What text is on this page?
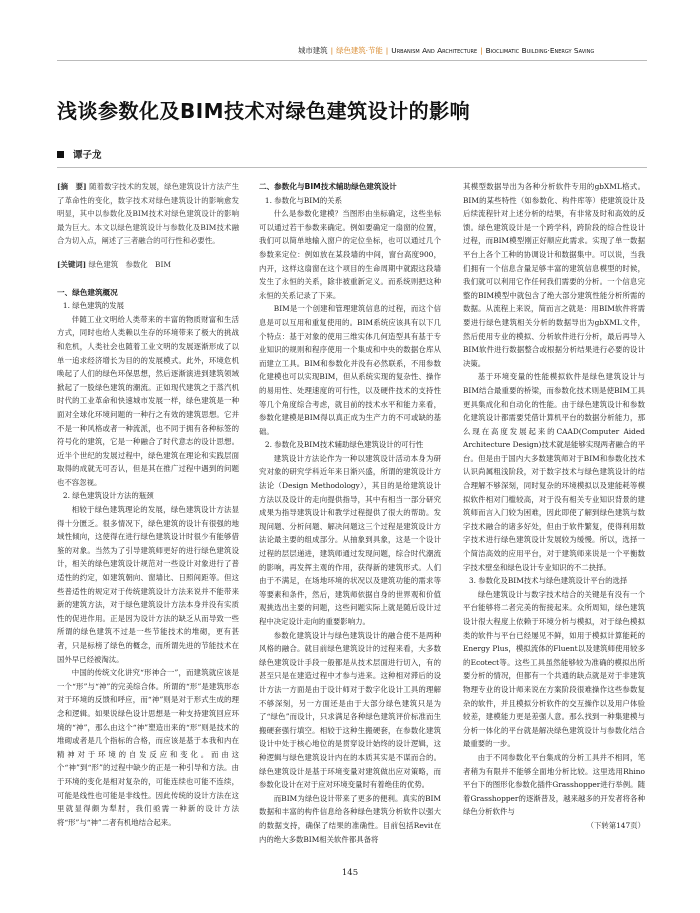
城市建筑 | 绿色建筑·节能 | Urbanism And Architecture | Bioclimatic Building·Energy Saving
浅谈参数化及BIM技术对绿色建筑设计的影响
谭子龙

[摘　要] 随着数字技术的发展，绿色建筑设计方法产生了革命性的变化，数字技术对绿色建筑设计的影响愈发明显，其中以参数化及BIM技术对绿色建筑设计的影响最为巨大。本文以绿色建筑设计与参数化及BIM技术融合为切入点，阐述了三者融合的可行性和必要性。

[关键词] 绿色建筑　参数化　BIM

一、绿色建筑概况
1. 绿色建筑的发展

伴随工业文明给人类带来的丰富的物质财富和生活方式，同时也给人类赖以生存的环境带来了极大的挑战和危机，人类社会也随着工业文明的发展逐渐形成了以单一追求经济增长为目的的发展模式。此外，环境危机唤起了人们的绿色环保思想，然后逐渐演进到建筑领域掀起了一股绿色建筑的潮流。正如现代建筑之于蒸汽机时代的工业革命和快速城市发展一样，绿色建筑是一种面对全球化环境问题的一种行之有效的建筑思想。它并不是一种风格或者一种流派，也不同于拥有各种标签的符号化的建筑，它是一种融合了时代意志的设计思想。近半个世纪的发展过程中，绿色建筑在理论和实践层面取得的成就无可否认，但是其在推广过程中遇到的问题也不容忽视。

2. 绿色建筑设计方法的瓶颈

相较于绿色建筑理论的发展，绿色建筑设计方法显得十分匮乏。很多情况下，绿色建筑的设计有很强的地域性倾向，这使得在进行绿色建筑设计时很少有能够借鉴的对象。当然为了引导建筑师更好的进行绿色建筑设计，相关的绿色建筑设计规范对一些设计对象进行了普适性的约定，如建筑朝向、窗墙比、日照间距等。但这些普适性的规定对于传统建筑设计方法来说并不能带来新的建筑方法，对于绿色建筑设计方法本身并没有实质性的促进作用。正是因为设计方法的缺乏从而导致一些所谓的绿色建筑不过是一些节能技术的堆砌，更有甚者，只是标榜了绿色的概念，而所谓先进的节能技术在国外早已经被淘汰。

中国的传统文化讲究“形神合一”，而建筑就应该是一个“形”与“神”的完美综合体。所谓的“形”是建筑形态对于环境的反馈和呼应，而“神”则是对于形式生成的理念和逻辑。如果说绿色设计思想是一种支持建筑回应环境的“神”，那么由这个“神”塑造出来的“形”则是技术的堆砌或者是几个指标的合格，而应该是基于本我和内在精神对于环境的自发反应和变化。而由这个“神”到“形”的过程中缺少的正是一种引导和方法。由于环境的变化是相对复杂的，可能连续也可能不连续，可能是线性也可能是非线性。因此传统的设计方法在这里就显得颇为犁肘，我们亟需一种新的设计方法将“形”与“神”二者有机地结合起来。

二、参数化与BIM技术辅助绿色建筑设计
1. 参数化与BIM的关系

什么是参数化建模？当图形由坐标确定，这些坐标可以通过若干参数来确定。例如要确定一扇窗的位置，我们可以简单地输入窗户的定位坐标，也可以通过几个参数来定位：例如放在某段墙的中间，窗台高度900，内开，这样这扇窗在这个项目的生命周期中就跟这段墙发生了永恒的关系，除非被重新定义。而系统则把这种永恒的关系记录了下来。

BIM是一个创建和管理建筑信息的过程，而这个信息是可以互用和重复使用的。BIM系统应该具有以下几个特点：基于对象的使用三维实体几何造型具有基于专业知识的规则和程序使用一个集成和中央的数据仓库从而建立工具。BIM和参数化并没有必然联系，不用参数化建模也可以实现BIM，但从系统实现的复杂性、操作的易用性、处理速度的可行性，以及硬件技术的支持性等几个角度综合考虑，就目前的技术水平和能力来看，参数化建模是BIM得以真正成为生产力的不可或缺的基础。

2. 参数化及BIM技术辅助绿色建筑设计的可行性

建筑设计方法论作为一种以建筑设计活动本身为研究对象的研究学科近年来日渐兴盛，所谓的建筑设计方法论（Design Methodology），其目的是给建筑设计方法以及设计的走向提供指导，其中有相当一部分研究成果为指导建筑设计和教学过程提供了很大的帮助。发现问题、分析问题、解决问题这三个过程是建筑设计方法论最主要的组成部分。从抽象到具象，这是一个设计过程的层层递进，建筑师通过发现问题，综合时代潮流的影响，再发挥主观的作用，获得新的建筑形式。人们由于不满足，在场地环境的状况以及建筑功能的需求等等要素和条件，然后，建筑师依据自身的世界观和价值观挑选出主要的问题，这些问题实际上就是随后设计过程中决定设计走向的重要影响力。

参数化建筑设计与绿色建筑设计的融合使不是两种风格的融合。就目前绿色建筑设计的过程来看，大多数绿色建筑设计手段一般都是从技术层面进行切入，有的甚至只是在建造过程中才参与进来。这种相对滞后的设计方法一方面是由于设计师对于数字化设计工具的理解不够深刻，另一方面还是由于大部分绿色建筑只是为了“绿色”而设计，只求满足各种绿色建筑评价标准而生搬硬套强行填空。相较于这种生搬硬套，在参数化建筑设计中处于核心地位的是贯穿设计始终的设计逻辑，这种逻辑与绿色建筑设计内在的本质其实是不谋而合的。绿色建筑设计是基于环境变量对建筑做出应对策略，而参数化设计在对于应对环境变量时有着绝佳的优势。

而BIM为绿色设计带来了更多的便利。真实的BIM数据和丰富的构件信息给各种绿色建筑分析软件以强大的数据支持，确保了结果的准确性。目前包括Revit在内的绝大多数BIM相关软件都具备将

其模型数据导出为各种分析软件专用的gbXML格式。BIM的某些特性（如参数化、构件库等）使建筑设计及后续流程针对上述分析的结果，有非常及时和高效的反馈。绿色建筑设计是一个跨学科，跨阶段的综合性设计过程，而BIM模型刚正好顺应此需求。实现了单一数据平台上各个工种的协调设计和数据集中。可以说，当我们拥有一个信息含量足够丰富的建筑信息模型的时候，我们就可以利用它作任何我们需要的分析。一个信息完整的BIM模型中就包含了绝大部分建筑性能分析所需的数据。从流程上来说，简而言之就是：用BIM软件将需要进行绿色建筑相关分析的数据导出为gbXML文件，然后使用专业的模拟、分析软件进行分析，最后再导入BIM软件进行数据整合或根据分析结果进行必要的设计决策。

基于环境变量的性能模拟软件是绿色建筑设计与BIM结合最重要的桥梁，而参数化技术则是使BIM工具更具集成化和自动化的性能。由于绿色建筑设计和参数化建筑设计都需要凭借计算机平台的数据分析能力，那么现在高度发展起来的CAAD(Computer Aided Architecture Design)技术就是能够实现两者融合的平台。但是由于国内大多数建筑师对于BIM和参数化技术认识尚属粗浅阶段，对于数字技术与绿色建筑设计的结合理解不够深刻，同时复杂的环境模拟以及建能耗等模拟软件相对门槛较高，对于没有相关专业知识背景的建筑师而言入门较为困难，因此即使了解到绿色建筑与数字技术融合的诸多好处，但由于软件繁复，使得利用数字技术进行绿色建筑设计发展较为缓慢。所以，选择一个简洁高效的应用平台，对于建筑师来说是一个平衡数字技术壁垒和绿色设计专业知识的不二抉择。

3. 参数化及BIM技术与绿色建筑设计平台的选择

绿色建筑设计与数字技术结合的关键是有没有一个平台能够将二者完美的衔接起来。众所周知，绿色建筑设计很大程度上依赖于环境分析与模拟，对于绿色模拟类的软件与平台已经屡见不鲜，如用于模拟计算能耗的Energy Plus，模拟流体的Fluent以及建筑师使用较多的Ecotect等。这些工具虽然能够较为准确的模拟出所要分析的情况，但都有一个共通的缺点就是对于非建筑物理专业的设计师来说在方案阶段很难操作这些参数复杂的软件，并且模拟分析软件的交互操作以及用户体验较差，建模能力更是差强人意。那么找到一种集建模与分析一体化的平台就是解决绿色建筑设计与参数化结合最重要的一步。

由于不同参数化平台集成的分析工具并不相同，笔者稍为有限并不能够全面地分析比较。这里选用Rhino平台下的图形化参数化插件Grasshopper进行举例。随着Grasshopper的逐渐普及，越来越多的开发者将各种绿色分析软件与

（下转第147页）

145
